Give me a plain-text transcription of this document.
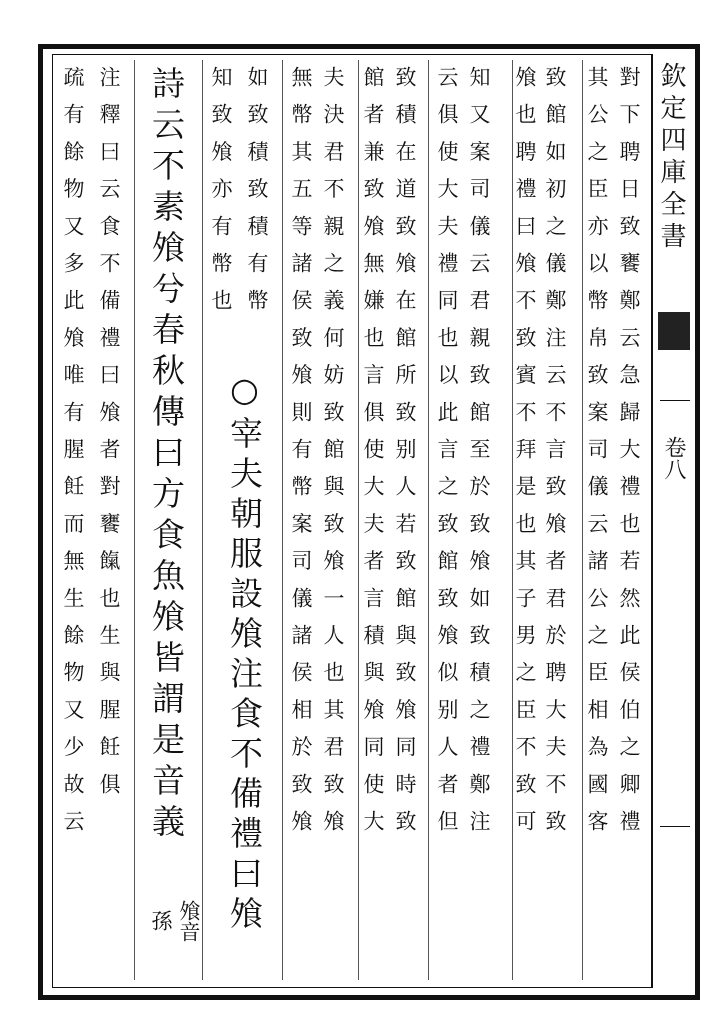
欽定四庫全書
卷八
對下聘日致饔鄭云急歸大禮也若然此侯伯之卿禮
其公之臣亦以幣帛致案司儀云諸公之臣相為國客
致館如初之儀鄭注云不言致飧者君於聘大夫不致
飧也聘禮曰飧不致賓不拜是也其子男之臣不致可
知又案司儀云君親致館至於致飧如致積之禮鄭注
云俱使大夫禮同也以此言之致館致飧似别人者但
致積在道致飧在館所致别人若致館與致飧同時致
館者兼致飧無嫌也言俱使大夫者言積與飧同使大
夫決君不親之義何妨致館與致飧一人也其君致飧
無幣其五等諸侯致飧則有幣案司儀諸侯相於致飧
如致積致積有幣
知致飧亦有幣也
○宰夫朝服設飧注食不備禮曰飧
詩云不素飧兮春秋傳曰方食魚飧皆謂是音義
飧音
孫
注釋曰云食不備禮曰飧者對饔餼也生與腥飪俱
疏有餘物又多此飧唯有腥飪而無生餘物又少故云
